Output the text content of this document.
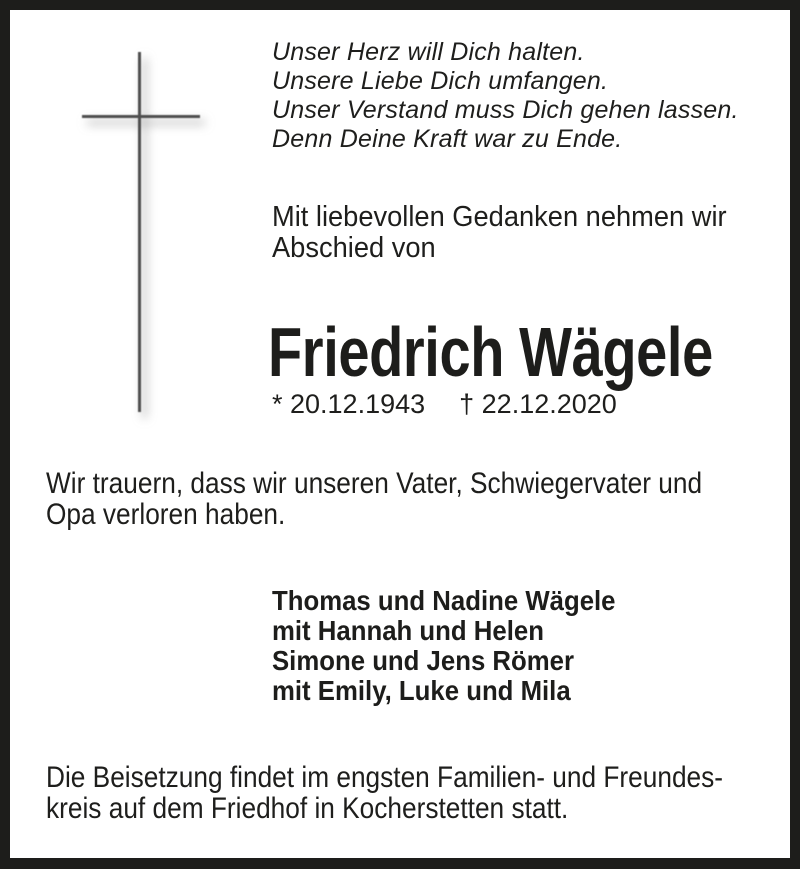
Unser Herz will Dich halten.
Unsere Liebe Dich umfangen.
Unser Verstand muss Dich gehen lassen.
Denn Deine Kraft war zu Ende.
Mit liebevollen Gedanken nehmen wir
Abschied von
Friedrich Wägele
* 20.12.1943 † 22.12.2020
Wir trauern, dass wir unseren Vater, Schwiegervater und
Opa verloren haben.
Thomas und Nadine Wägele
mit Hannah und Helen
Simone und Jens Römer
mit Emily, Luke und Mila
Die Beisetzung findet im engsten Familien- und Freundes-
kreis auf dem Friedhof in Kocherstetten statt.
